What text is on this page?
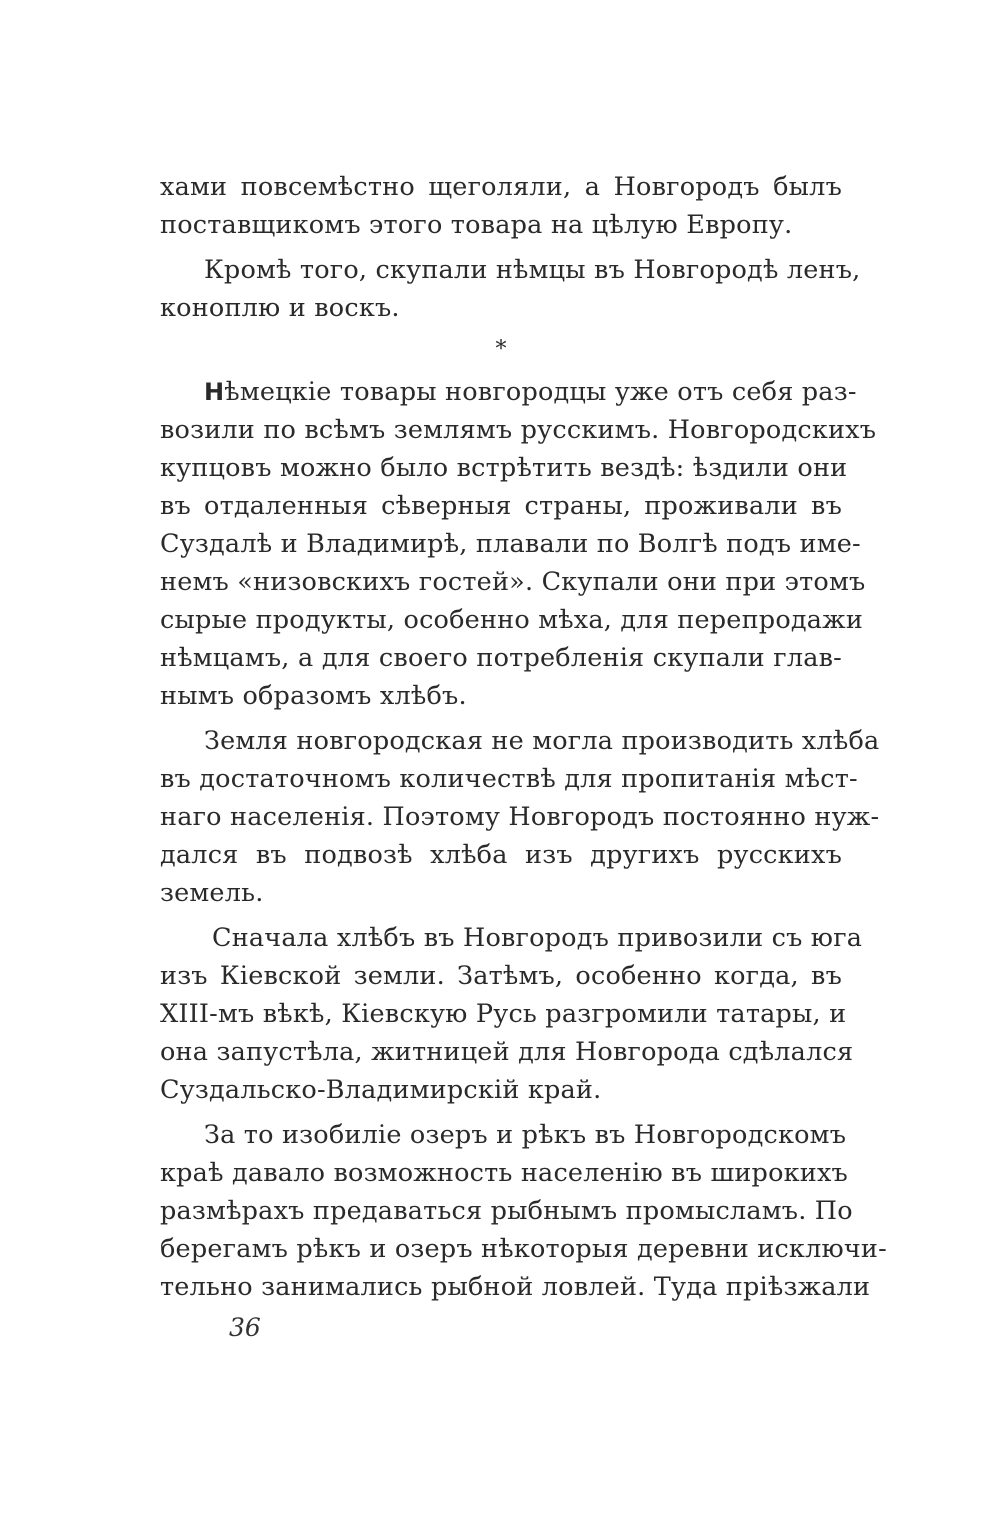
хами повсемѣстно щеголяли, а Новгородъ былъ
поставщикомъ этого товара на цѣлую Европу.
Кромѣ того, скупали нѣмцы въ Новгородѣ ленъ,
коноплю и воскъ.
*
Нѣмецкіе товары новгородцы уже отъ себя раз-
возили по всѣмъ землямъ русскимъ. Новгородскихъ
купцовъ можно было встрѣтить вездѣ: ѣздили они
въ отдаленныя сѣверныя страны, проживали въ
Суздалѣ и Владимирѣ, плавали по Волгѣ подъ име-
немъ «низовскихъ гостей». Скупали они при этомъ
сырые продукты, особенно мѣха, для перепродажи
нѣмцамъ, а для своего потребленія скупали глав-
нымъ образомъ хлѣбъ.
Земля новгородская не могла производить хлѣба
въ достаточномъ количествѣ для пропитанія мѣст-
наго населенія. Поэтому Новгородъ постоянно нуж-
дался въ подвозѣ хлѣба изъ другихъ русскихъ
земель.
Сначала хлѣбъ въ Новгородъ привозили съ юга
изъ Кіевской земли. Затѣмъ, особенно когда, въ
XIII-мъ вѣкѣ, Кіевскую Русь разгромили татары, и
она запустѣла, житницей для Новгорода сдѣлался
Суздальско-Владимирскій край.
За то изобиліе озеръ и рѣкъ въ Новгородскомъ
краѣ давало возможность населенію въ широкихъ
размѣрахъ предаваться рыбнымъ промысламъ. По
берегамъ рѣкъ и озеръ нѣкоторыя деревни исключи-
тельно занимались рыбной ловлей. Туда пріѣзжали
36
